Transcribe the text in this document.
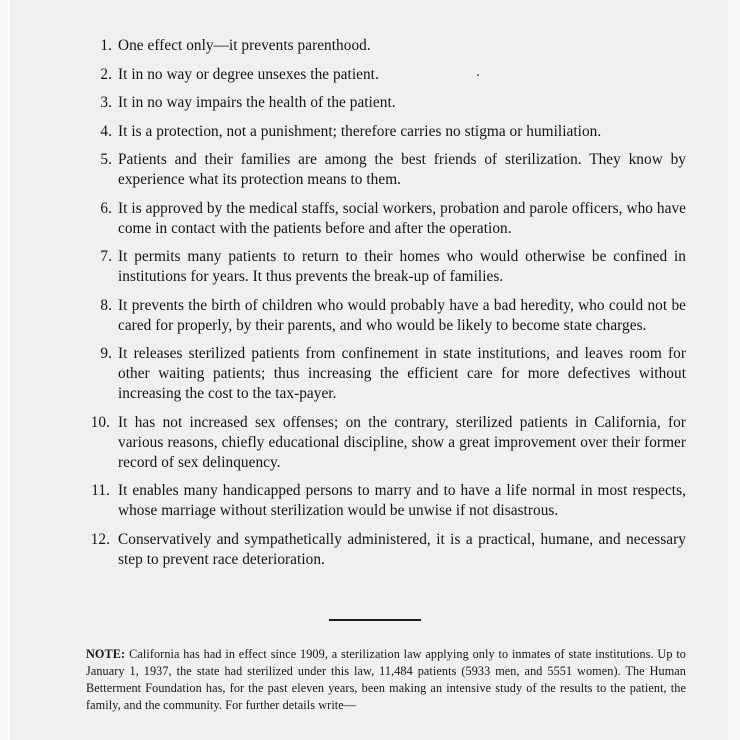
1. One effect only—it prevents parenthood.
2. It in no way or degree unsexes the patient.
3. It in no way impairs the health of the patient.
4. It is a protection, not a punishment; therefore carries no stigma or humiliation.
5. Patients and their families are among the best friends of sterilization. They know by experience what its protection means to them.
6. It is approved by the medical staffs, social workers, probation and parole officers, who have come in contact with the patients before and after the operation.
7. It permits many patients to return to their homes who would otherwise be confined in institutions for years. It thus prevents the break-up of families.
8. It prevents the birth of children who would probably have a bad heredity, who could not be cared for properly, by their parents, and who would be likely to become state charges.
9. It releases sterilized patients from confinement in state institutions, and leaves room for other waiting patients; thus increasing the efficient care for more defectives without increasing the cost to the tax-payer.
10. It has not increased sex offenses; on the contrary, sterilized patients in California, for various reasons, chiefly educational discipline, show a great improvement over their former record of sex delinquency.
11. It enables many handicapped persons to marry and to have a life normal in most respects, whose marriage without sterilization would be unwise if not disastrous.
12. Conservatively and sympathetically administered, it is a practical, humane, and necessary step to prevent race deterioration.

NOTE: California has had in effect since 1909, a sterilization law applying only to inmates of state institutions. Up to January 1, 1937, the state had sterilized under this law, 11,484 patients (5933 men, and 5551 women). The Human Betterment Foundation has, for the past eleven years, been making an intensive study of the results to the patient, the family, and the community. For further details write—
